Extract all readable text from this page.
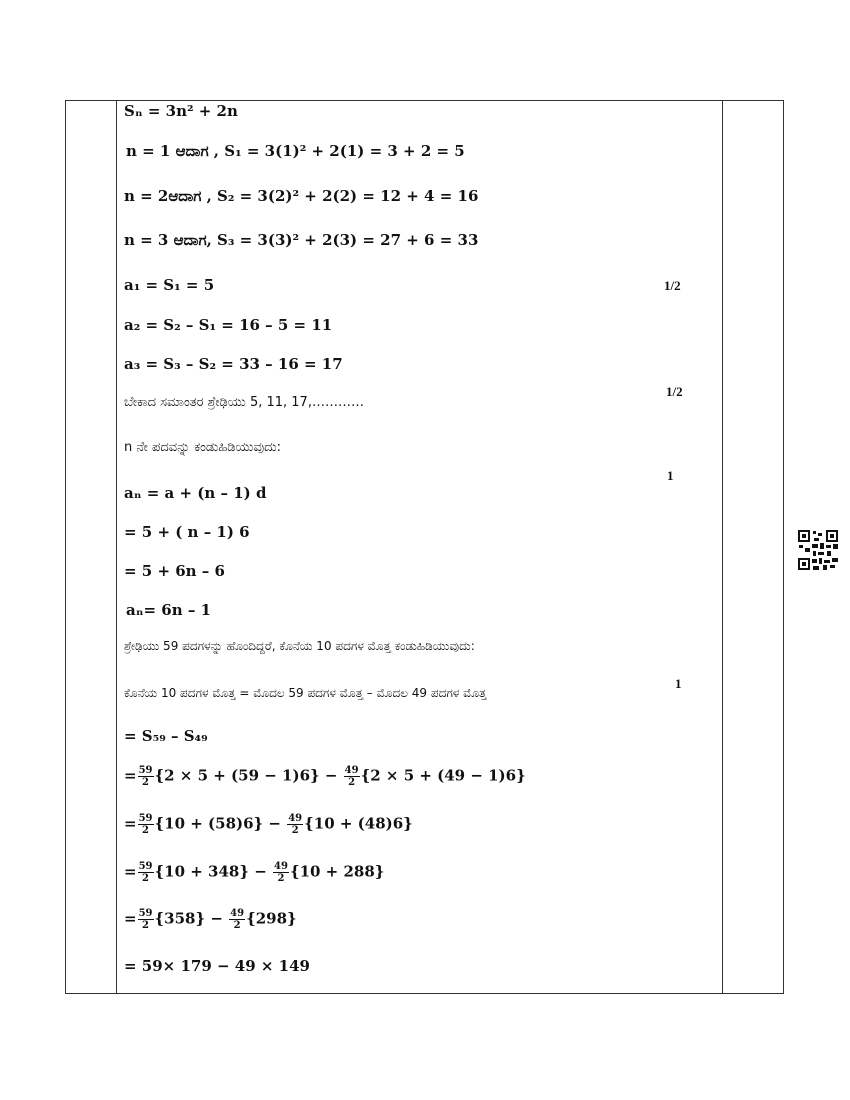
Sₙ = 3n² + 2n
n = 1 ಆದಾಗ , S₁ = 3(1)² + 2(1) = 3 + 2 = 5
n = 2ಆದಾಗ , S₂ = 3(2)² + 2(2) = 12 + 4 = 16
n = 3 ಆದಾಗ, S₃ = 3(3)² + 2(3) = 27 + 6 = 33
a₁ = S₁ = 5
a₂ = S₂ – S₁ = 16 – 5 = 11
a₃ = S₃ – S₂ = 33 – 16 = 17
ಬೇಕಾದ ಸಮಾಂತರ ಶ್ರೇಢಿಯು 5, 11, 17,…………
n ನೇ ಪದವನ್ನು ಕಂಡುಹಿಡಿಯುವುದು:
aₙ = a + (n – 1) d
= 5 + ( n – 1) 6
= 5 + 6n – 6
aₙ= 6n – 1
ಶ್ರೇಢಿಯು 59 ಪದಗಳನ್ನು ಹೊಂದಿದ್ದರೆ, ಕೊನೆಯ 10 ಪದಗಳ ಮೊತ್ತ ಕಂಡುಹಿಡಿಯುವುದು:
ಕೊನೆಯ 10 ಪದಗಳ ಮೊತ್ತ = ಮೊದಲ 59 ಪದಗಳ ಮೊತ್ತ – ಮೊದಲ 49 ಪದಗಳ ಮೊತ್ತ
= S₅₉ – S₄₉
= $\frac{59}{2} \{2 \times 5 + (59 - 1)6\} - \frac{49}{2} \{2 \times 5 + (49 - 1)6\}$
= $\frac{59}{2} \{10 + (58)6\} - \frac{49}{2} \{10 + (48)6\}$
= $\frac{59}{2} \{10 + 348\} - \frac{49}{2} \{10 + 288\}$
= $\frac{59}{2} \{358\} - \frac{49}{2} \{298\}$
= 59× 179 − 49 × 149
1/2
1/2
1
1
